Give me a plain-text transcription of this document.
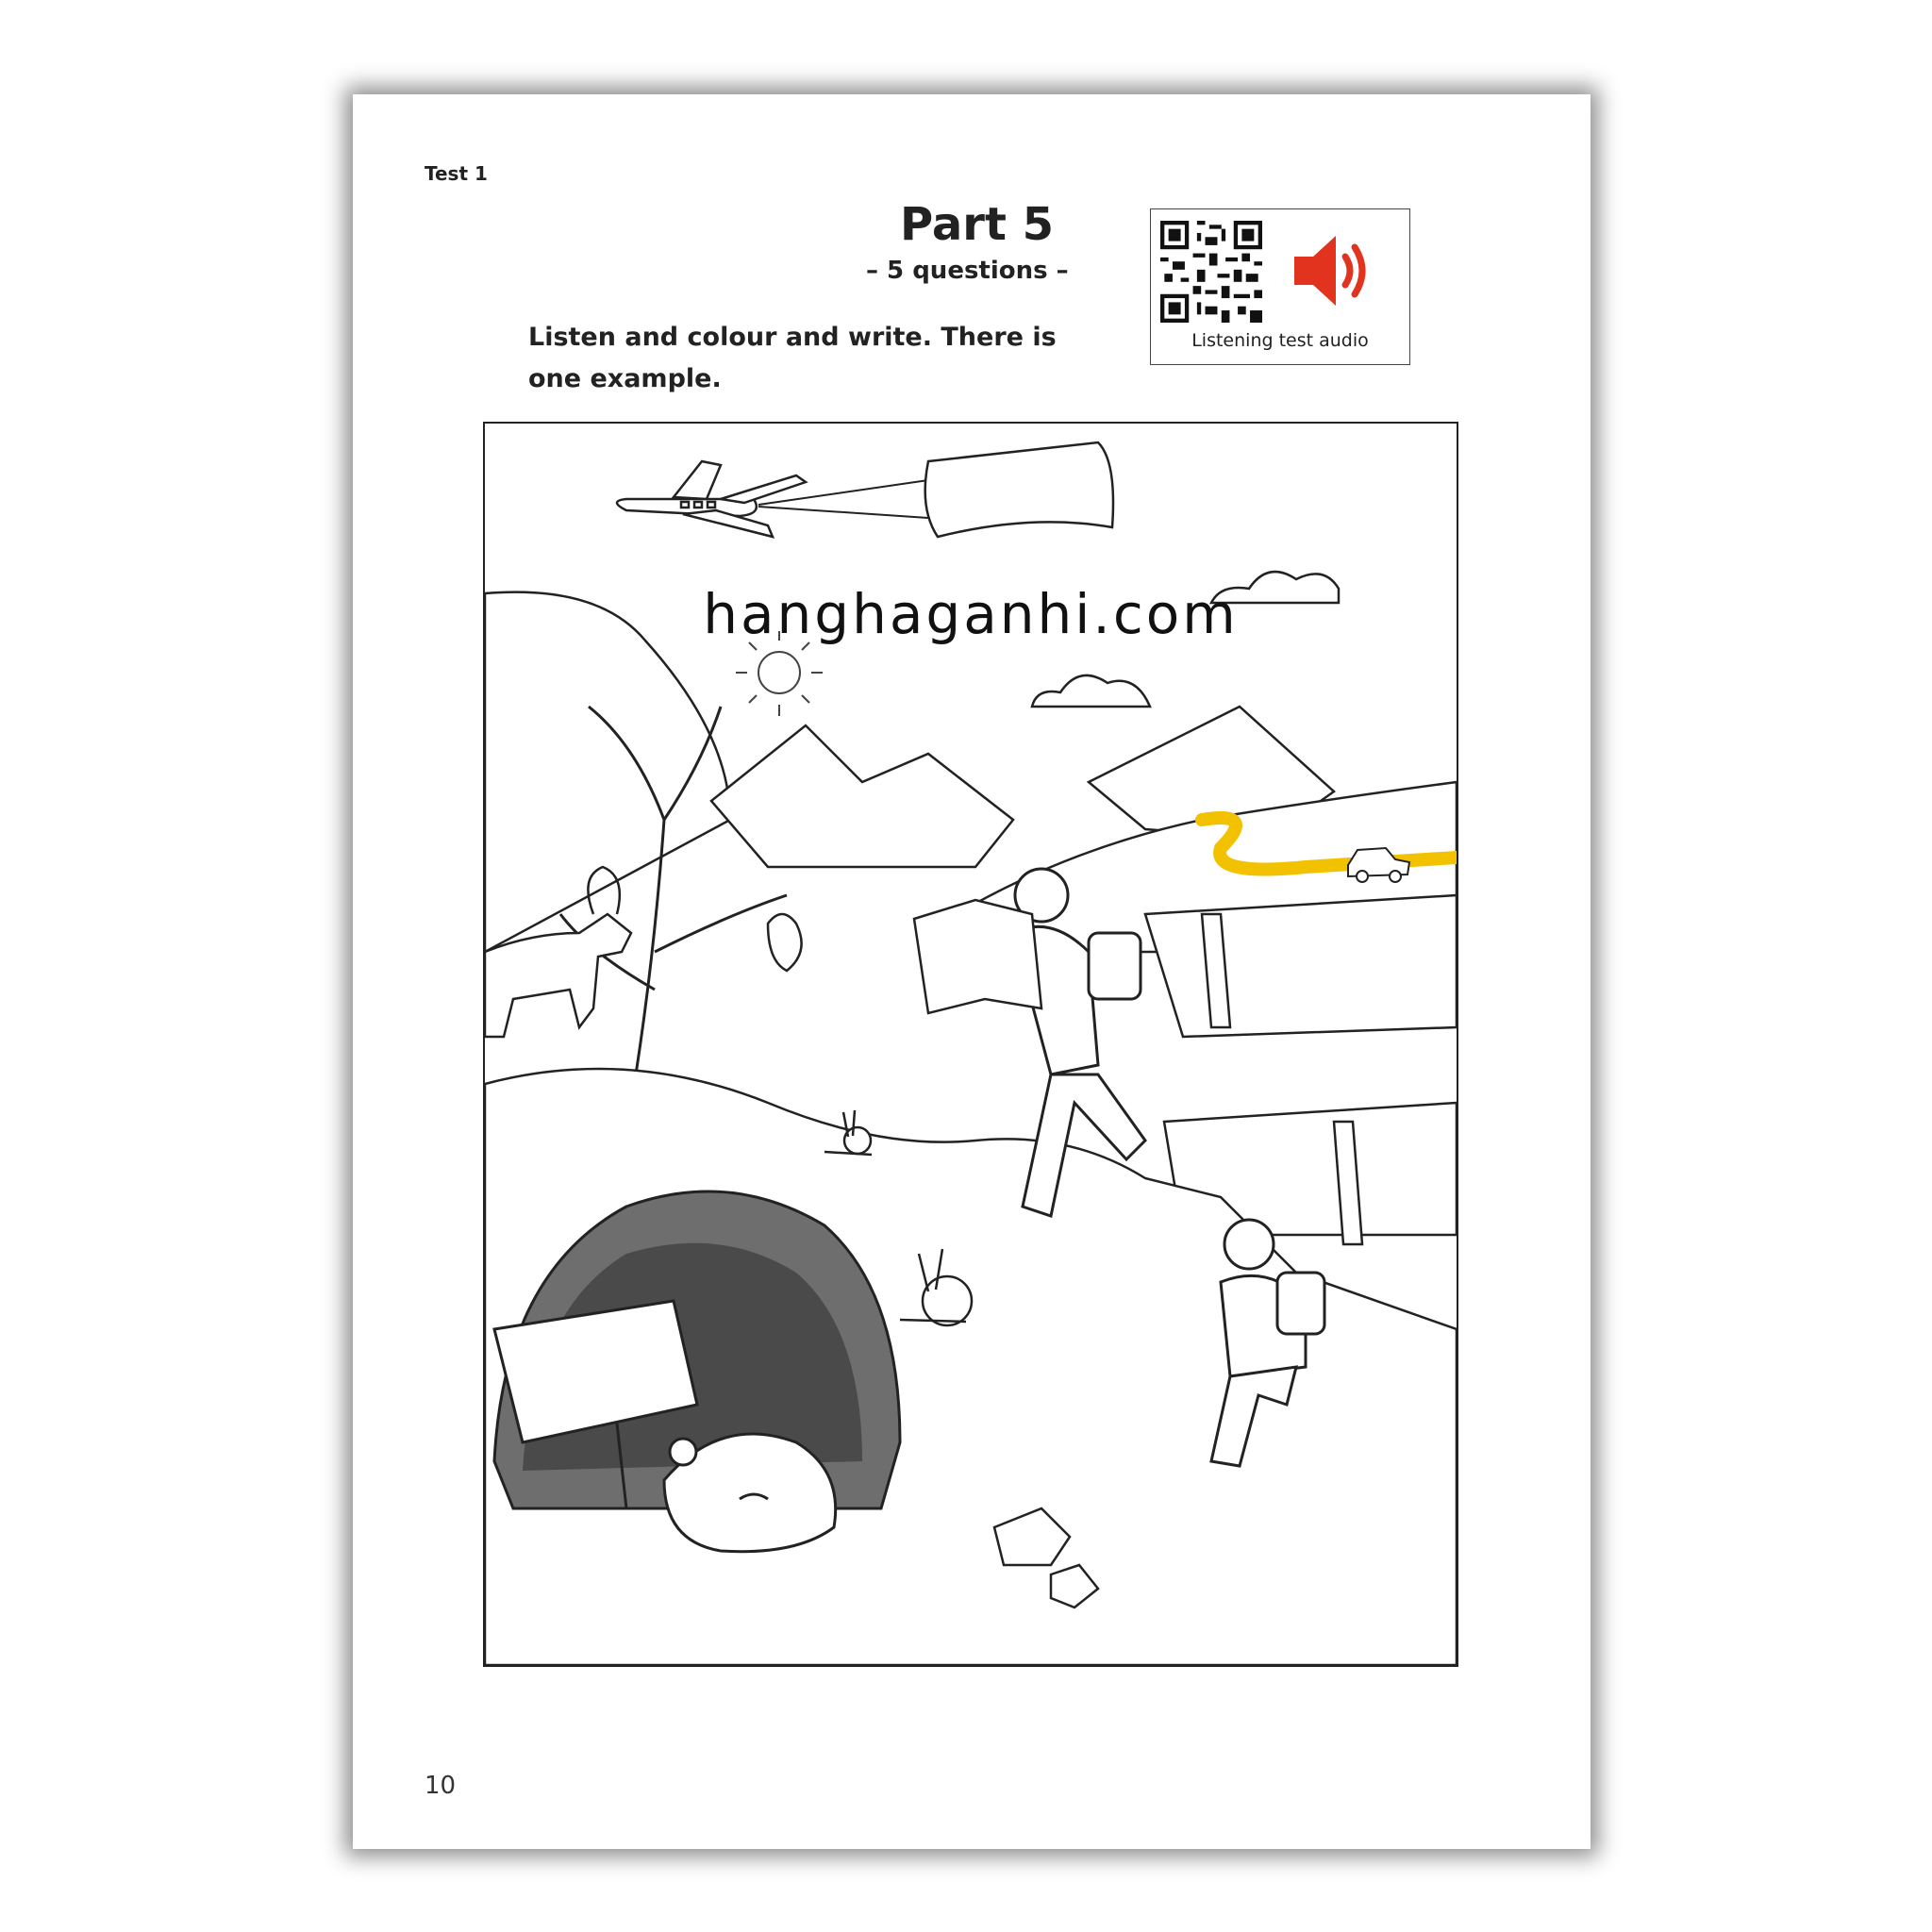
Test 1
Part 5
– 5 questions –
Listen and colour and write. There is one example.
Listening test audio
hanghaganhi.com
10
